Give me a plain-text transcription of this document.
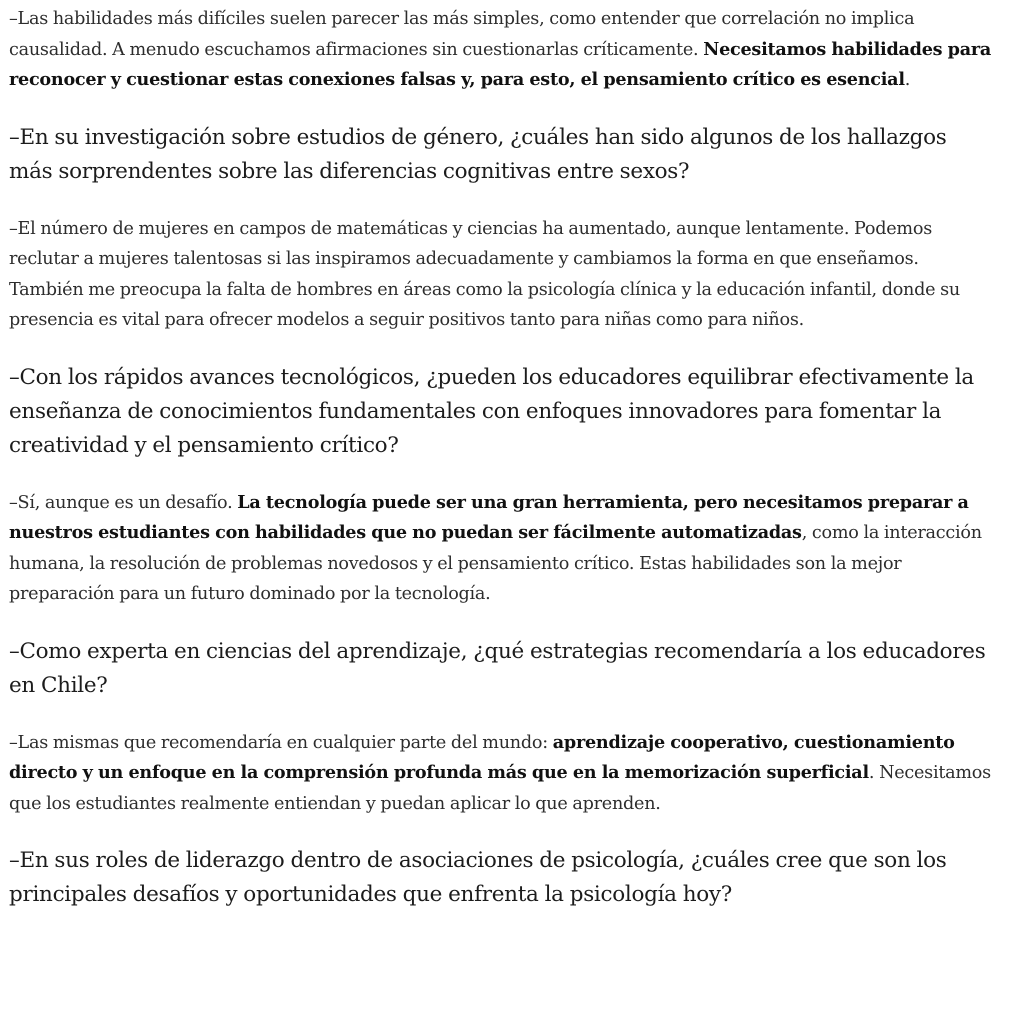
–Las habilidades más difíciles suelen parecer las más simples, como entender que correlación no implica causalidad. A menudo escuchamos afirmaciones sin cuestionarlas críticamente. Necesitamos habilidades para reconocer y cuestionar estas conexiones falsas y, para esto, el pensamiento crítico es esencial.

–En su investigación sobre estudios de género, ¿cuáles han sido algunos de los hallazgos más sorprendentes sobre las diferencias cognitivas entre sexos?

–El número de mujeres en campos de matemáticas y ciencias ha aumentado, aunque lentamente. Podemos reclutar a mujeres talentosas si las inspiramos adecuadamente y cambiamos la forma en que enseñamos. También me preocupa la falta de hombres en áreas como la psicología clínica y la educación infantil, donde su presencia es vital para ofrecer modelos a seguir positivos tanto para niñas como para niños.

–Con los rápidos avances tecnológicos, ¿pueden los educadores equilibrar efectivamente la enseñanza de conocimientos fundamentales con enfoques innovadores para fomentar la creatividad y el pensamiento crítico?

–Sí, aunque es un desafío. La tecnología puede ser una gran herramienta, pero necesitamos preparar a nuestros estudiantes con habilidades que no puedan ser fácilmente automatizadas, como la interacción humana, la resolución de problemas novedosos y el pensamiento crítico. Estas habilidades son la mejor preparación para un futuro dominado por la tecnología.

–Como experta en ciencias del aprendizaje, ¿qué estrategias recomendaría a los educadores en Chile?

–Las mismas que recomendaría en cualquier parte del mundo: aprendizaje cooperativo, cuestionamiento directo y un enfoque en la comprensión profunda más que en la memorización superficial. Necesitamos que los estudiantes realmente entiendan y puedan aplicar lo que aprenden.

–En sus roles de liderazgo dentro de asociaciones de psicología, ¿cuáles cree que son los principales desafíos y oportunidades que enfrenta la psicología hoy?
